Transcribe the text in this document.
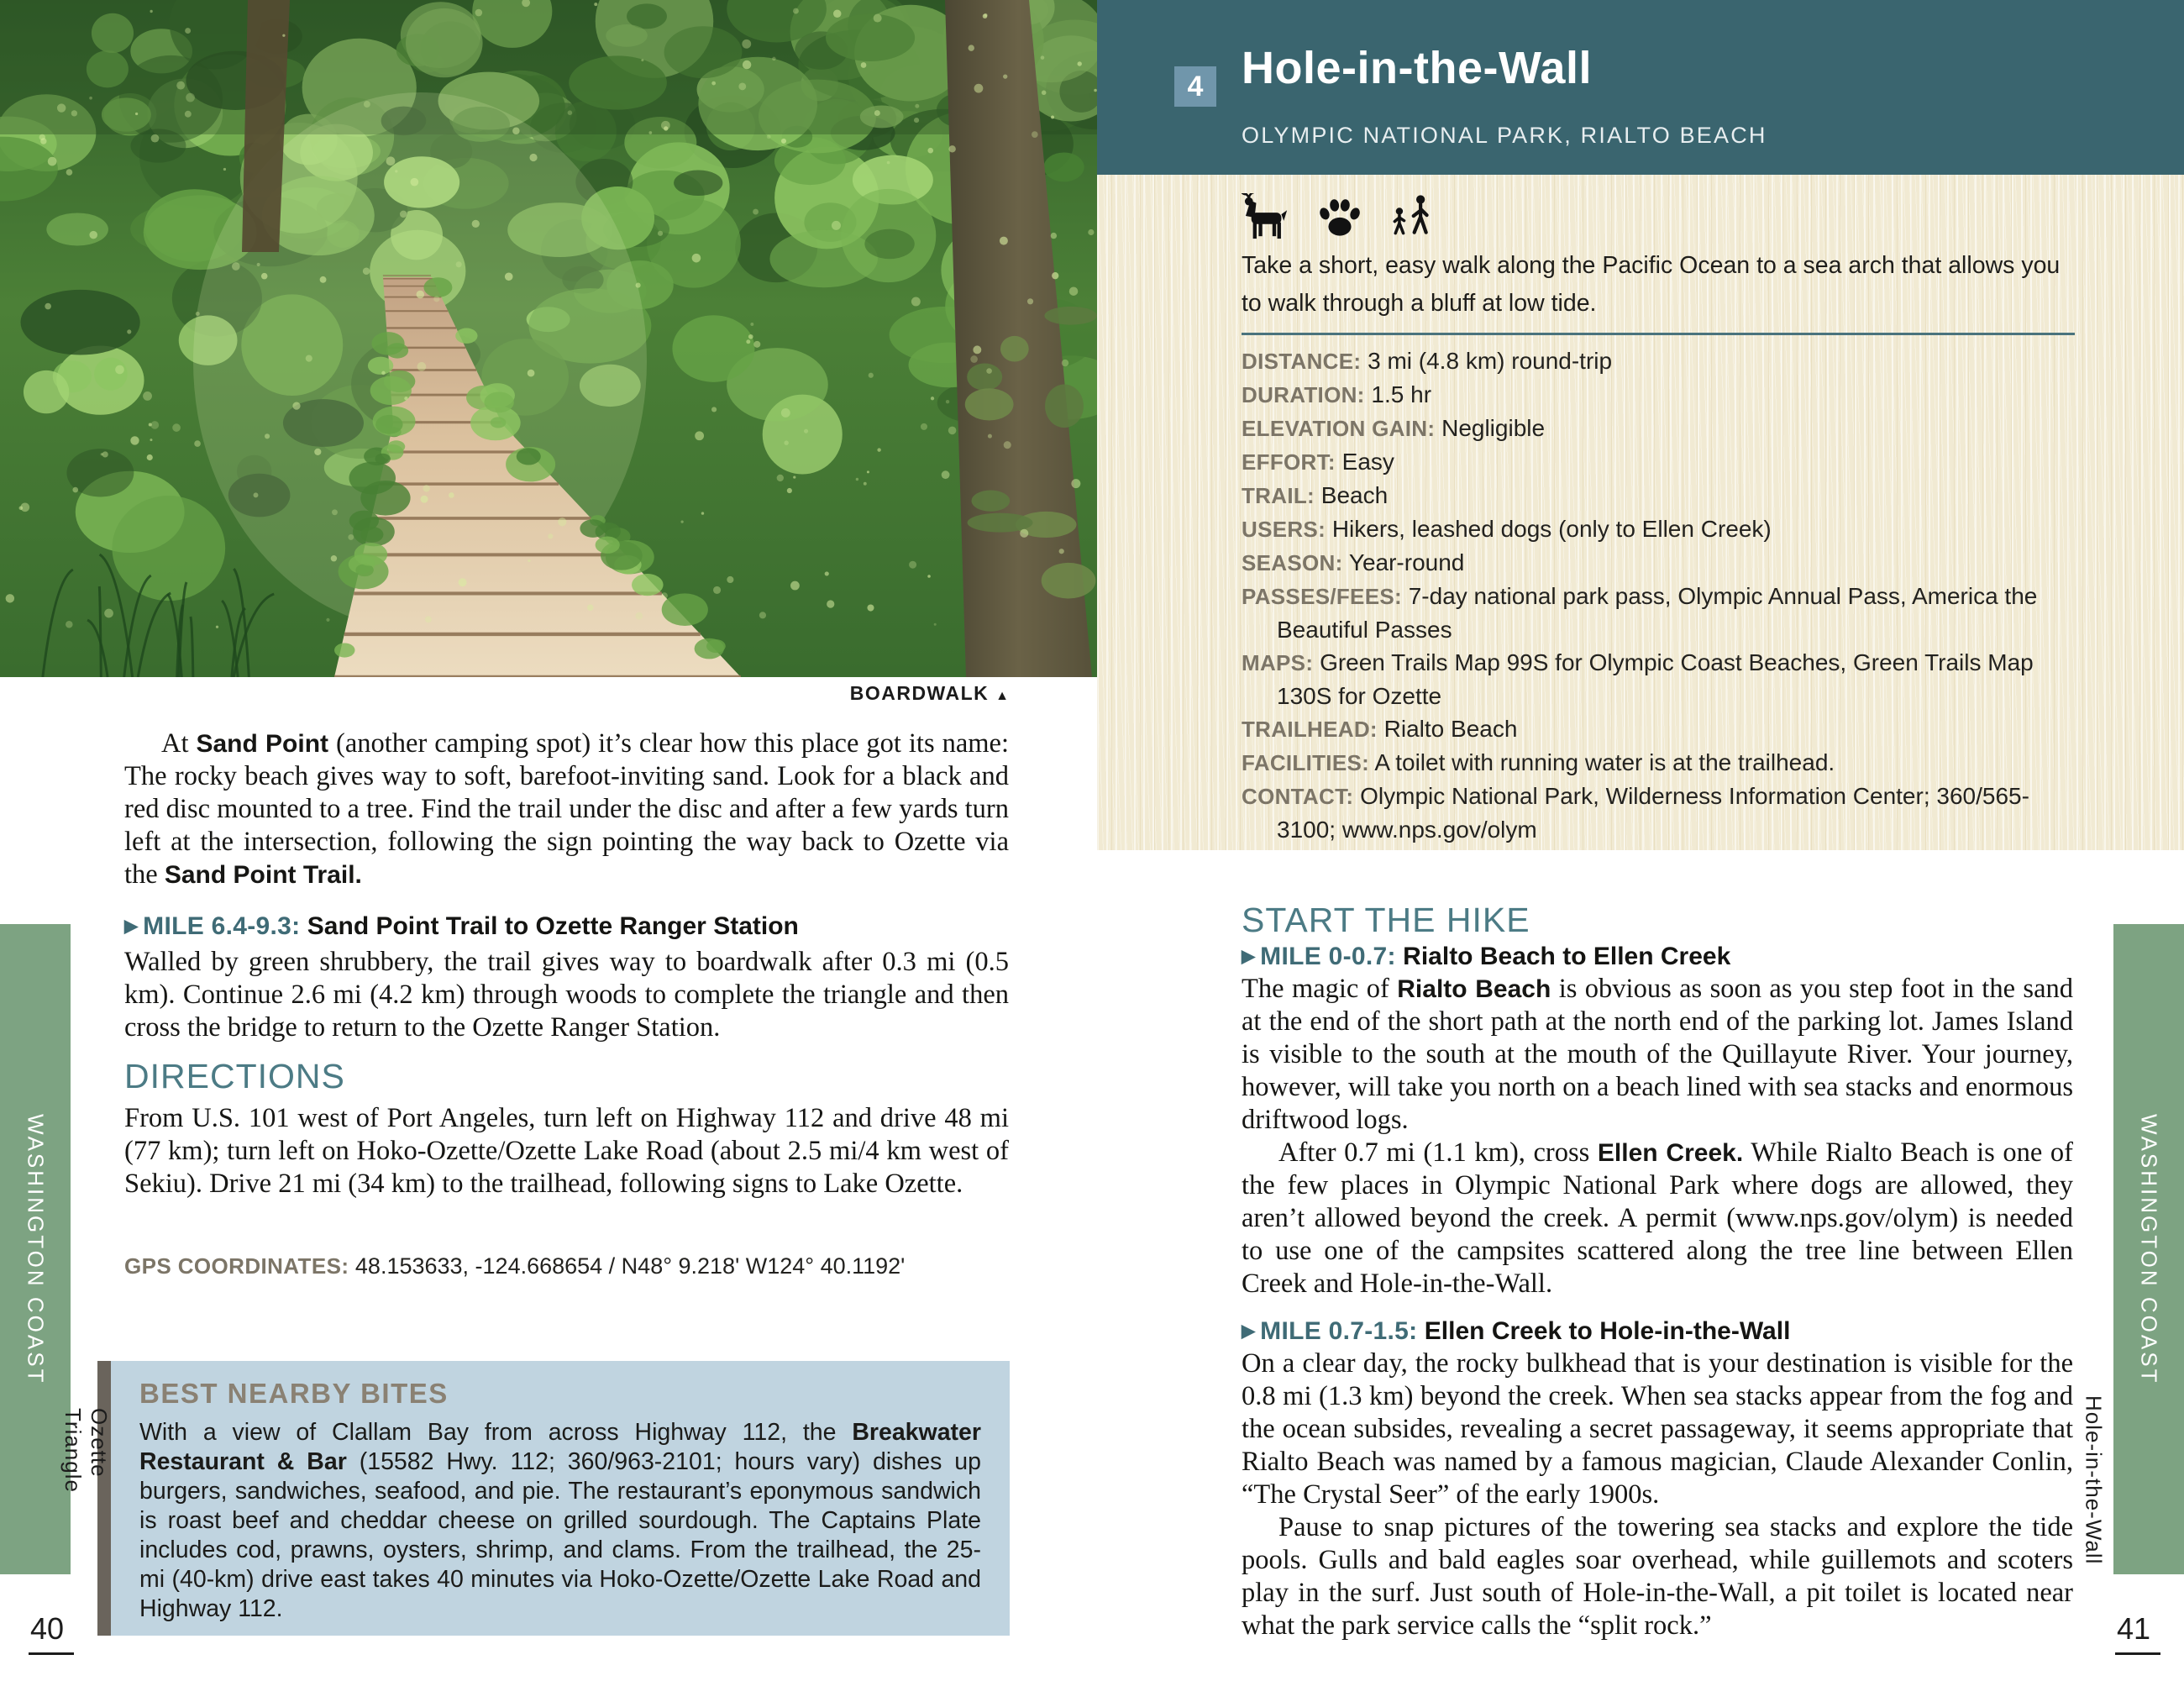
BOARDWALK ▲

At Sand Point (another camping spot) it’s clear how this place got its name: The rocky beach gives way to soft, barefoot-inviting sand. Look for a black and red disc mounted to a tree. Find the trail under the disc and after a few yards turn left at the intersection, following the sign pointing the way back to Ozette via the Sand Point Trail.

▶ MILE 6.4-9.3: Sand Point Trail to Ozette Ranger Station

Walled by green shrubbery, the trail gives way to boardwalk after 0.3 mi (0.5 km). Continue 2.6 mi (4.2 km) through woods to complete the triangle and then cross the bridge to return to the Ozette Ranger Station.

DIRECTIONS

From U.S. 101 west of Port Angeles, turn left on Highway 112 and drive 48 mi (77 km); turn left on Hoko-Ozette/Ozette Lake Road (about 2.5 mi/4 km west of Sekiu). Drive 21 mi (34 km) to the trailhead, following signs to Lake Ozette.

GPS COORDINATES: 48.153633, -124.668654 / N48° 9.218' W124° 40.1192'

BEST NEARBY BITES

With a view of Clallam Bay from across Highway 112, the Breakwater Restaurant & Bar (15582 Hwy. 112; 360/963-2101; hours vary) dishes up burgers, sandwiches, seafood, and pie. The restaurant’s eponymous sandwich is roast beef and cheddar cheese on grilled sourdough. The Captains Plate includes cod, prawns, oysters, shrimp, and clams. From the trailhead, the 25-mi (40-km) drive east takes 40 minutes via Hoko-Ozette/Ozette Lake Road and Highway 112.

WASHINGTON COAST
Ozette Triangle
40
4 Hole-in-the-Wall
OLYMPIC NATIONAL PARK, RIALTO BEACH

Take a short, easy walk along the Pacific Ocean to a sea arch that allows you to walk through a bluff at low tide.

DISTANCE: 3 mi (4.8 km) round-trip
DURATION: 1.5 hr
ELEVATION GAIN: Negligible
EFFORT: Easy
TRAIL: Beach
USERS: Hikers, leashed dogs (only to Ellen Creek)
SEASON: Year-round
PASSES/FEES: 7-day national park pass, Olympic Annual Pass, America the Beautiful Passes
MAPS: Green Trails Map 99S for Olympic Coast Beaches, Green Trails Map 130S for Ozette
TRAILHEAD: Rialto Beach
FACILITIES: A toilet with running water is at the trailhead.
CONTACT: Olympic National Park, Wilderness Information Center; 360/565-3100; www.nps.gov/olym
START THE HIKE
▶ MILE 0-0.7: Rialto Beach to Ellen Creek

The magic of Rialto Beach is obvious as soon as you step foot in the sand at the end of the short path at the north end of the parking lot. James Island is visible to the south at the mouth of the Quillayute River. Your journey, however, will take you north on a beach lined with sea stacks and enormous driftwood logs.

After 0.7 mi (1.1 km), cross Ellen Creek. While Rialto Beach is one of the few places in Olympic National Park where dogs are allowed, they aren’t allowed beyond the creek. A permit (www.nps.gov/olym) is needed to use one of the campsites scattered along the tree line between Ellen Creek and Hole-in-the-Wall.

▶ MILE 0.7-1.5: Ellen Creek to Hole-in-the-Wall

On a clear day, the rocky bulkhead that is your destination is visible for the 0.8 mi (1.3 km) beyond the creek. When sea stacks appear from the fog and the ocean subsides, revealing a secret passageway, it seems appropriate that Rialto Beach was named by a famous magician, Claude Alexander Conlin, “The Crystal Seer” of the early 1900s.

Pause to snap pictures of the towering sea stacks and explore the tide pools. Gulls and bald eagles soar overhead, while guillemots and scoters play in the surf. Just south of Hole-in-the-Wall, a pit toilet is located near what the park service calls the “split rock.”

WASHINGTON COAST
Hole-in-the-Wall
41
